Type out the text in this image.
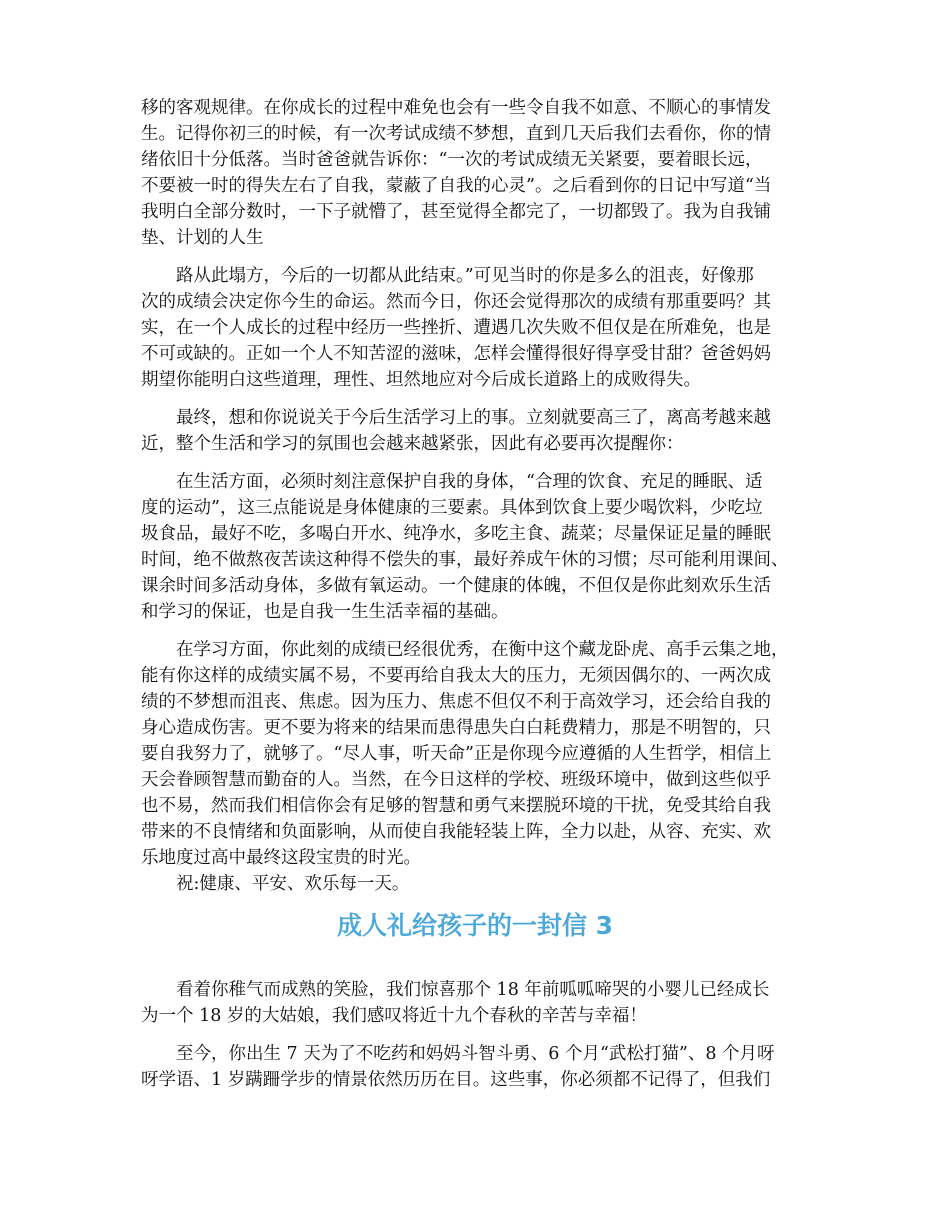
移的客观规律。在你成长的过程中难免也会有一些令自我不如意、不顺心的事情发

生。记得你初三的时候，有一次考试成绩不梦想，直到几天后我们去看你，你的情

绪依旧十分低落。当时爸爸就告诉你：“一次的考试成绩无关紧要，要着眼长远，

不要被一时的得失左右了自我，蒙蔽了自我的心灵”。之后看到你的日记中写道“当

我明白全部分数时，一下子就懵了，甚至觉得全都完了，一切都毁了。我为自我铺

垫、计划的人生

路从此塌方，今后的一切都从此结束。”可见当时的你是多么的沮丧，好像那

次的成绩会决定你今生的命运。然而今日，你还会觉得那次的成绩有那重要吗？其

实，在一个人成长的过程中经历一些挫折、遭遇几次失败不但仅是在所难免，也是

不可或缺的。正如一个人不知苦涩的滋味，怎样会懂得很好得享受甘甜？爸爸妈妈

期望你能明白这些道理，理性、坦然地应对今后成长道路上的成败得失。

最终，想和你说说关于今后生活学习上的事。立刻就要高三了，离高考越来越

近，整个生活和学习的氛围也会越来越紧张，因此有必要再次提醒你：

在生活方面，必须时刻注意保护自我的身体，“合理的饮食、充足的睡眠、适

度的运动”，这三点能说是身体健康的三要素。具体到饮食上要少喝饮料，少吃垃

圾食品，最好不吃，多喝白开水、纯净水，多吃主食、蔬菜；尽量保证足量的睡眠

时间，绝不做熬夜苦读这种得不偿失的事，最好养成午休的习惯；尽可能利用课间、

课余时间多活动身体，多做有氧运动。一个健康的体魄，不但仅是你此刻欢乐生活

和学习的保证，也是自我一生生活幸福的基础。

在学习方面，你此刻的成绩已经很优秀，在衡中这个藏龙卧虎、高手云集之地，

能有你这样的成绩实属不易，不要再给自我太大的压力，无须因偶尔的、一两次成

绩的不梦想而沮丧、焦虑。因为压力、焦虑不但仅不利于高效学习，还会给自我的

身心造成伤害。更不要为将来的结果而患得患失白白耗费精力，那是不明智的，只

要自我努力了，就够了。“尽人事，听天命”正是你现今应遵循的人生哲学，相信上

天会眷顾智慧而勤奋的人。当然，在今日这样的学校、班级环境中，做到这些似乎

也不易，然而我们相信你会有足够的智慧和勇气来摆脱环境的干扰，免受其给自我

带来的不良情绪和负面影响，从而使自我能轻装上阵，全力以赴，从容、充实、欢

乐地度过高中最终这段宝贵的时光。

祝:健康、平安、欢乐每一天。

成人礼给孩子的一封信 3

看着你稚气而成熟的笑脸，我们惊喜那个 18 年前呱呱啼哭的小婴儿已经成长

为一个 18 岁的大姑娘，我们感叹将近十九个春秋的辛苦与幸福！

至今，你出生 7 天为了不吃药和妈妈斗智斗勇、6 个月“武松打猫”、8 个月呀

呀学语、1 岁蹒跚学步的情景依然历历在目。这些事，你必须都不记得了，但我们
